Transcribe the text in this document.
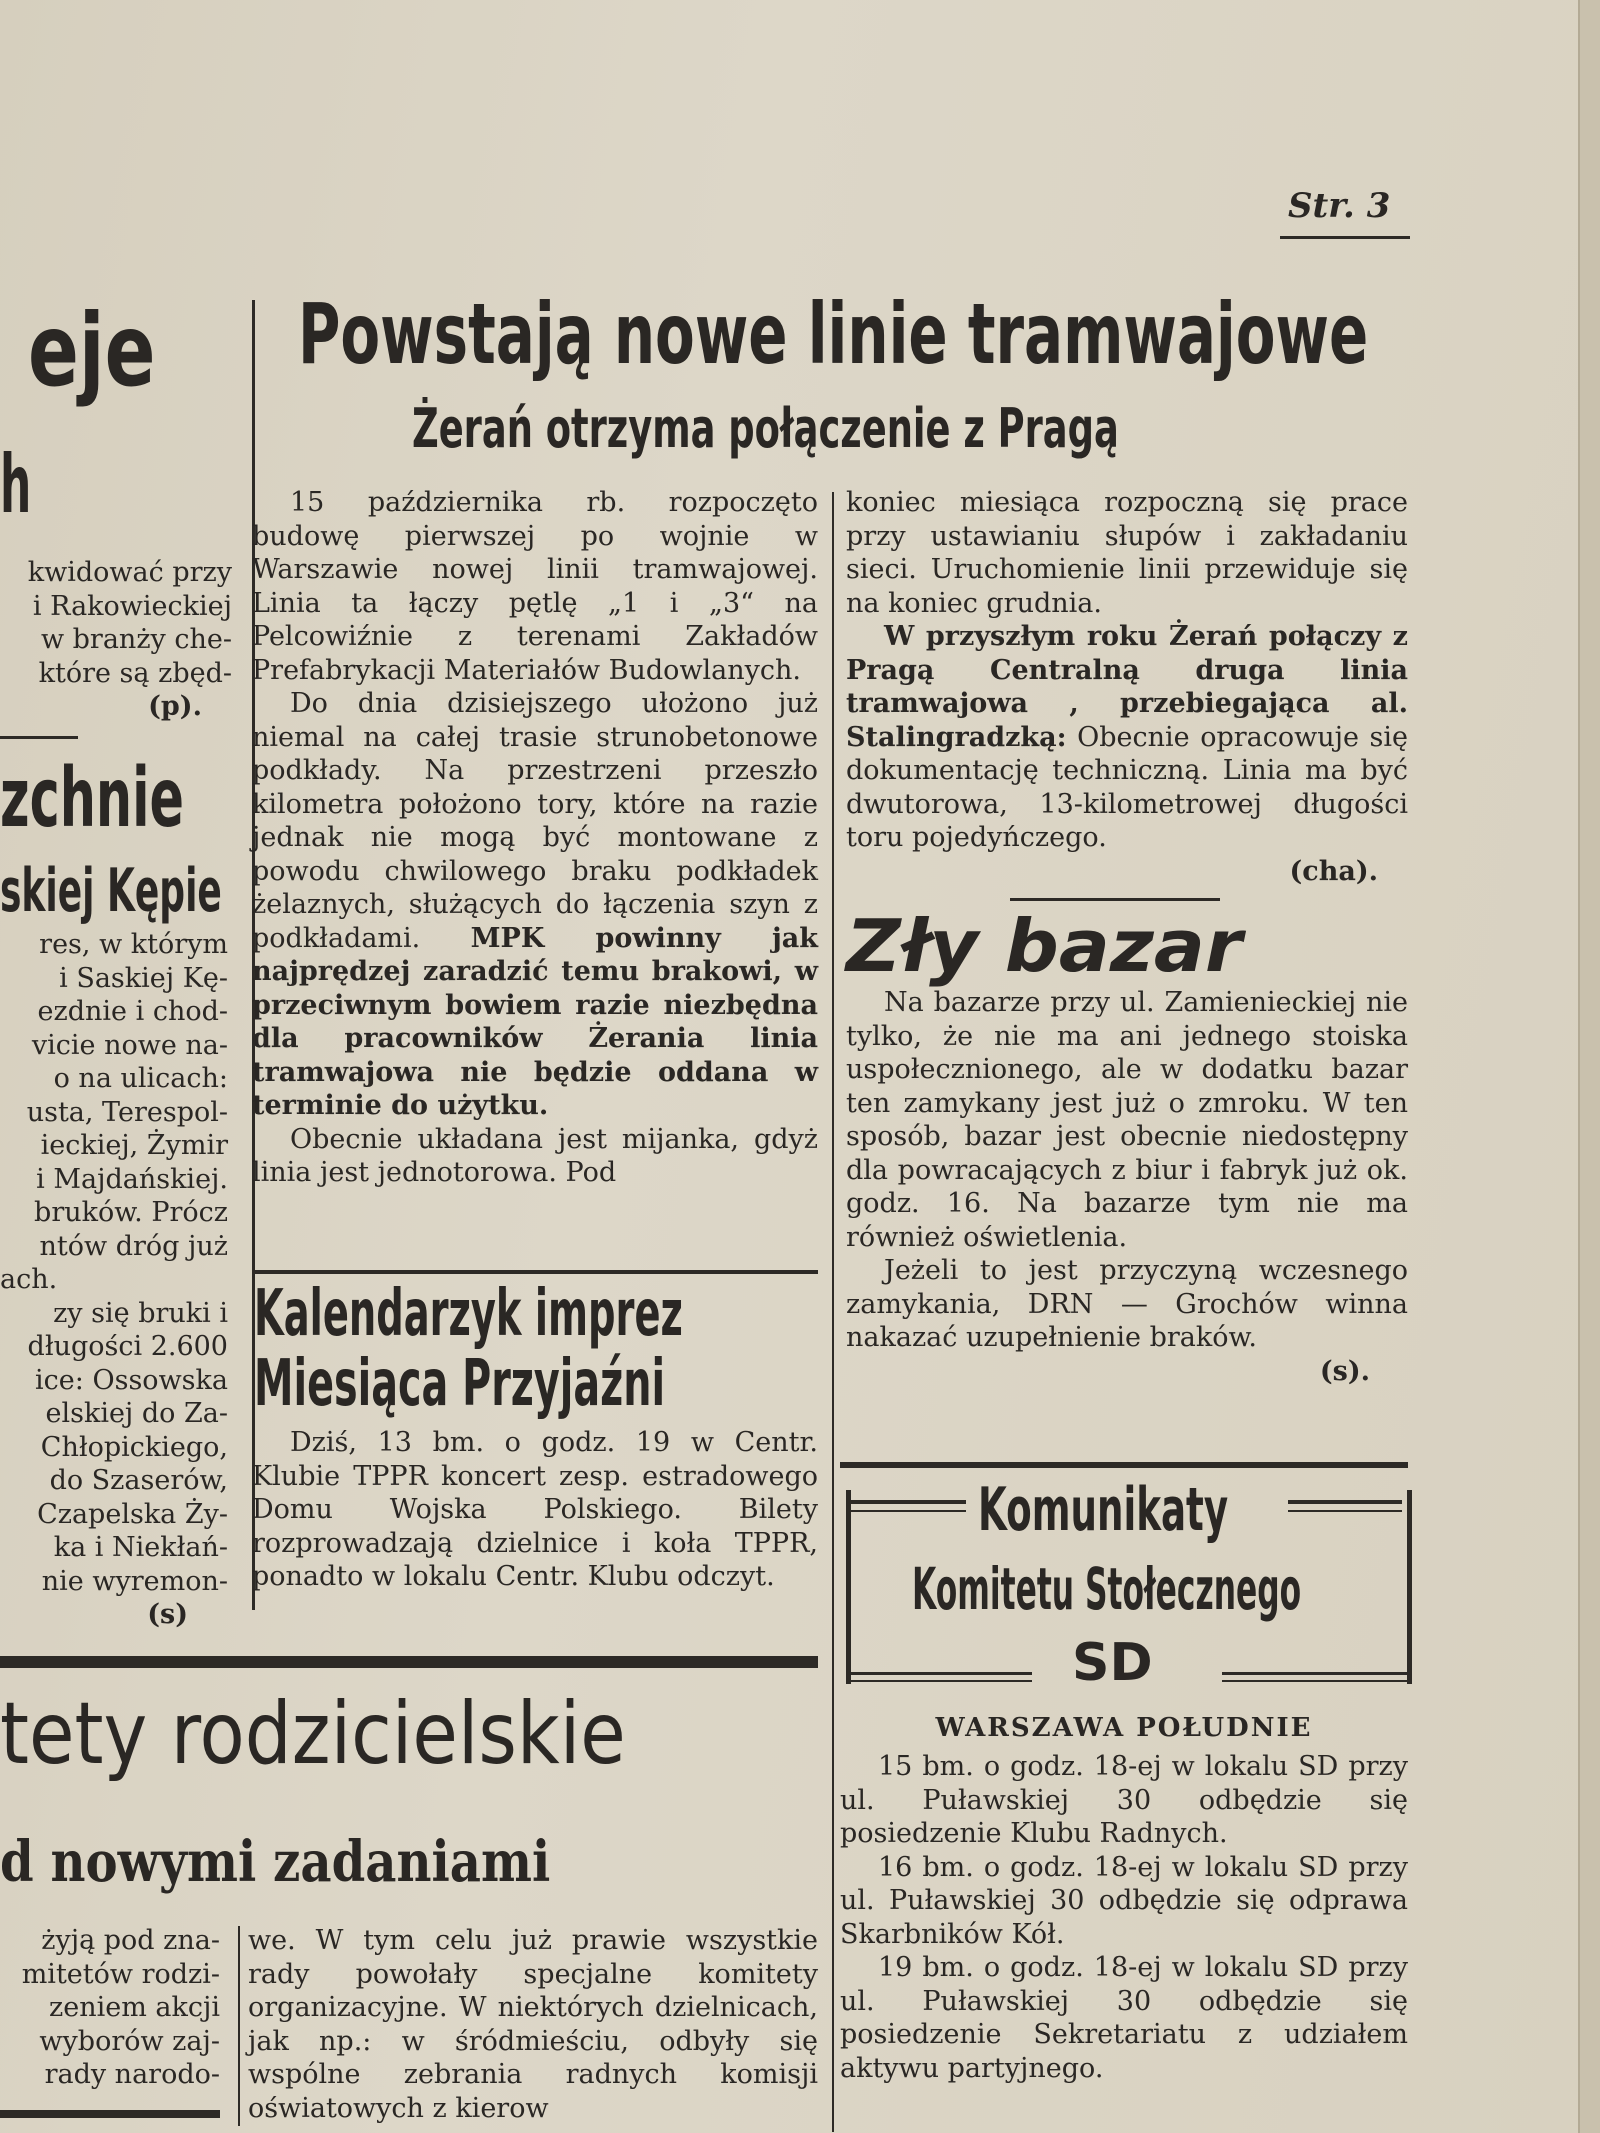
Str. 3
eje
h
kwidować przy
i Rakowieckiej
w branży che-
które są zbęd-
(p).
zchnie
skiej Kępie
res, w którym
i Saskiej Kę-
ezdnie i chod-
vicie nowe na-
o na ulicach:
usta, Terespol-
ieckiej, Żymir
i Majdańskiej.
bruków. Prócz
ntów dróg już
ach.
zy się bruki i
długości 2.600
ice: Ossowska
elskiej do Za-
Chłopickiego,
do Szaserów,
Czapelska Ży-
ka i Niekłań-
nie wyremon-
(s)
Powstają nowe linie tramwajowe
Żerań otrzyma połączenie z Pragą

15 października rb. rozpoczęto budowę pierwszej po wojnie w Warszawie nowej linii tramwajowej. Linia ta łączy pętlę „1 i „3“ na Pelcowiźnie z terenami Zakładów Prefabrykacji Materiałów Budowlanych.

Do dnia dzisiejszego ułożono już niemal na całej trasie strunobetonowe podkłady. Na przestrzeni przeszło kilometra położono tory, które na razie jednak nie mogą być montowane z powodu chwilowego braku podkładek żelaznych, służących do łączenia szyn z podkładami. MPK powinny jak najprędzej zaradzić temu brakowi, w przeciwnym bowiem razie niezbędna dla pracowników Żerania linia tramwajowa nie będzie oddana w terminie do użytku.

Obecnie układana jest mijanka, gdyż linia jest jednotorowa. Pod

koniec miesiąca rozpoczną się prace przy ustawianiu słupów i zakładaniu sieci. Uruchomienie linii przewiduje się na koniec grudnia.

W przyszłym roku Żerań połączy z Pragą Centralną druga linia tramwajowa , przebiegająca al. Stalingradzką: Obecnie opracowuje się dokumentację techniczną. Linia ma być dwutorowa, 13-kilometrowej długości toru pojedyńczego.

(cha).

Zły bazar

Na bazarze przy ul. Zamienieckiej nie tylko, że nie ma ani jednego stoiska uspołecznionego, ale w dodatku bazar ten zamykany jest już o zmroku. W ten sposób, bazar jest obecnie niedostępny dla powracających z biur i fabryk już ok. godz. 16. Na bazarze tym nie ma również oświetlenia.

Jeżeli to jest przyczyną wczesnego zamykania, DRN — Grochów winna nakazać uzupełnienie braków.

(s).

Kalendarzyk imprez
Miesiąca Przyjaźni

Dziś, 13 bm. o godz. 19 w Centr. Klubie TPPR koncert zesp. estradowego Domu Wojska Polskiego. Bilety rozprowadzają dzielnice i koła TPPR, ponadto w lokalu Centr. Klubu odczyt.

tety rodzicielskie
d nowymi zadaniami
żyją pod zna-
mitetów rodzi-
zeniem akcji
wyborów zaj-
rady narodo-

we. W tym celu już prawie wszystkie rady powołały specjalne komitety organizacyjne. W niektórych dzielnicach, jak np.: w śródmieściu, odbyły się wspólne zebrania radnych komisji oświatowych z kierow

Komunikaty
Komitetu Stołecznego
SD
WARSZAWA POŁUDNIE

15 bm. o godz. 18-ej w lokalu SD przy ul. Puławskiej 30 odbędzie się posiedzenie Klubu Radnych.

16 bm. o godz. 18-ej w lokalu SD przy ul. Puławskiej 30 odbędzie się odprawa Skarbników Kół.

19 bm. o godz. 18-ej w lokalu SD przy ul. Puławskiej 30 odbędzie się posiedzenie Sekretariatu z udziałem aktywu partyjnego.
